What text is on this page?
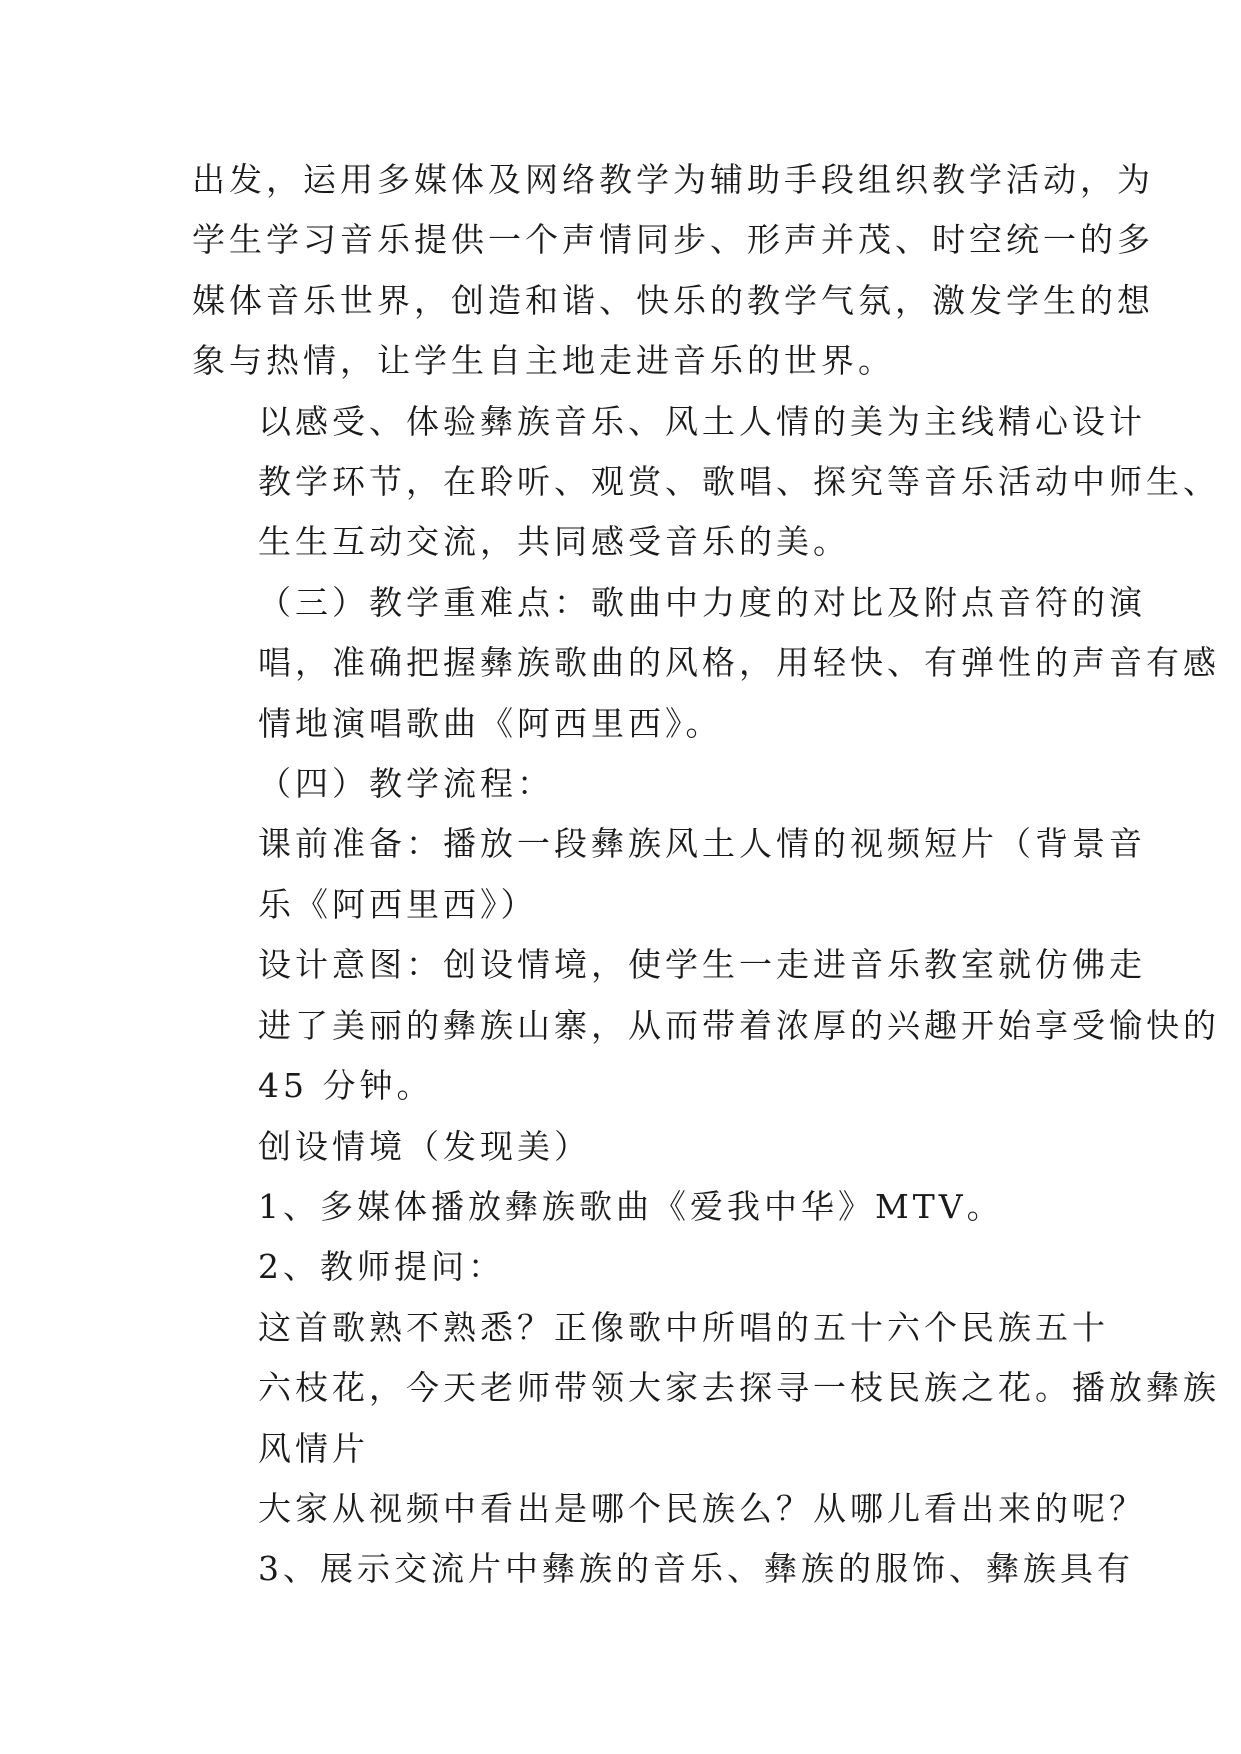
出发，运用多媒体及网络教学为辅助手段组织教学活动，为
学生学习音乐提供一个声情同步、形声并茂、时空统一的多
媒体音乐世界，创造和谐、快乐的教学气氛，激发学生的想
象与热情，让学生自主地走进音乐的世界。

以感受、体验彝族音乐、风土人情的美为主线精心设计
教学环节，在聆听、观赏、歌唱、探究等音乐活动中师生、
生生互动交流，共同感受音乐的美。

（三）教学重难点：歌曲中力度的对比及附点音符的演
唱，准确把握彝族歌曲的风格，用轻快、有弹性的声音有感
情地演唱歌曲《阿西里西》。

（四）教学流程：

课前准备：播放一段彝族风土人情的视频短片（背景音
乐《阿西里西》）

设计意图：创设情境，使学生一走进音乐教室就仿佛走
进了美丽的彝族山寨，从而带着浓厚的兴趣开始享受愉快的
45 分钟。

创设情境（发现美）

1、多媒体播放彝族歌曲《爱我中华》MTV。

2、教师提问：

这首歌熟不熟悉？正像歌中所唱的五十六个民族五十
六枝花，今天老师带领大家去探寻一枝民族之花。播放彝族
风情片

大家从视频中看出是哪个民族么？从哪儿看出来的呢？

3、展示交流片中彝族的音乐、彝族的服饰、彝族具有
